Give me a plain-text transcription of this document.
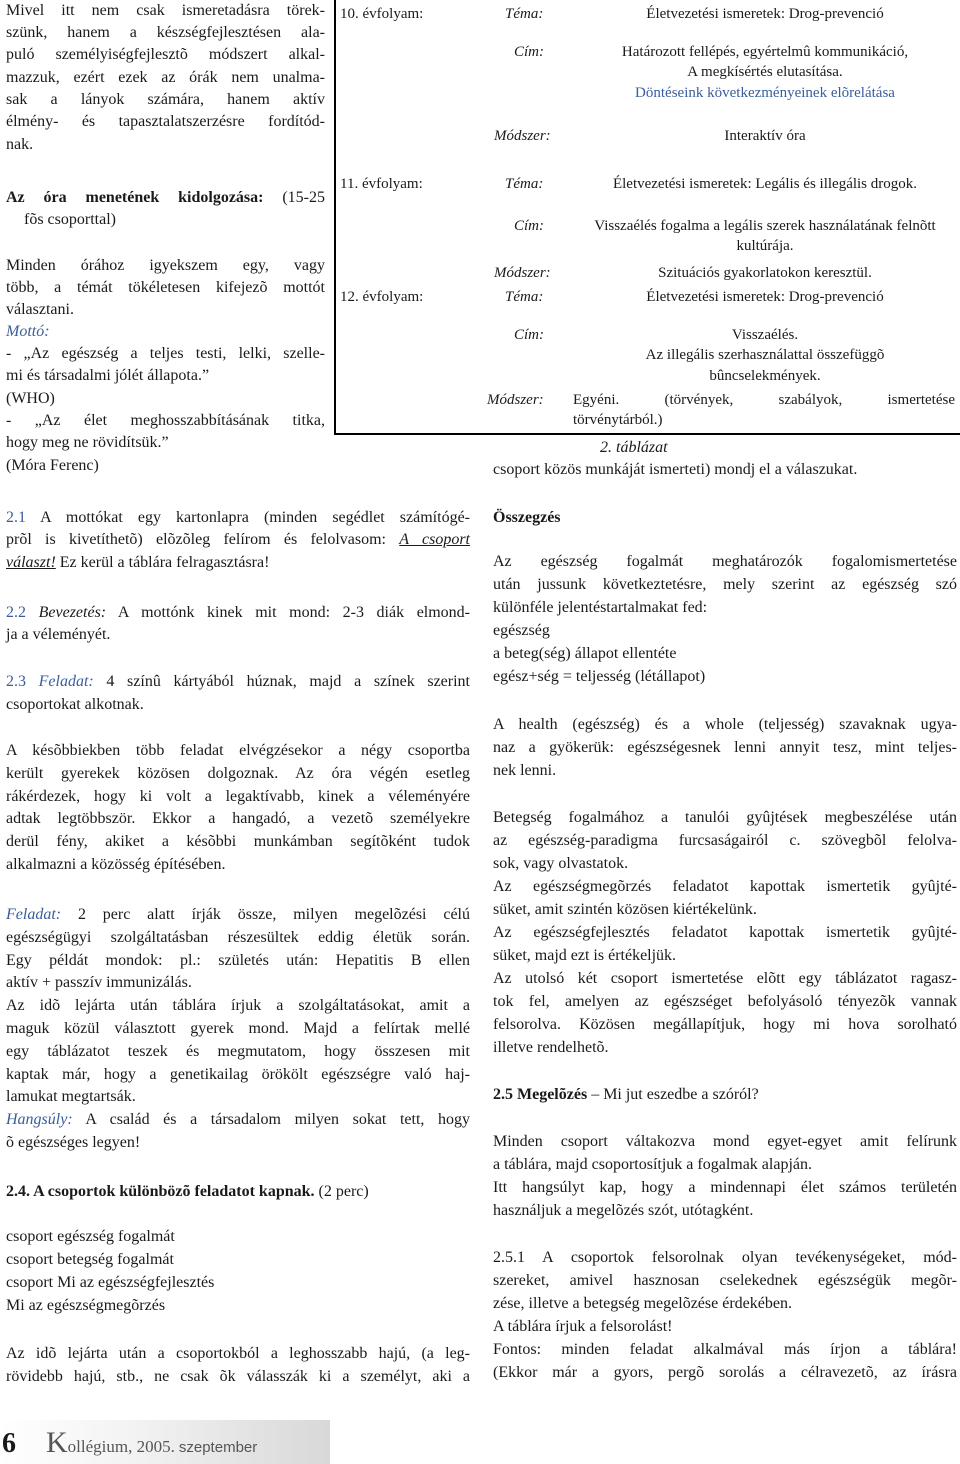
Mivel itt nem csak ismeretadásra törek-
szünk, hanem a készségfejlesztésen ala-
puló személyiségfejlesztõ módszert alkal-
mazzuk, ezért ezek az órák nem unalma-
sak a lányok számára, hanem aktív
élmény- és tapasztalatszerzésre fordítód-
nak.
Az óra menetének kidolgozása: (15-25
fõs csoporttal)
Minden órához igyekszem egy, vagy
több, a témát tökéletesen kifejezõ mottót
választani.
Mottó:
- „Az egészség a teljes testi, lelki, szelle-
mi és társadalmi jólét állapota.”
(WHO)
- „Az élet meghosszabbításának titka,
hogy meg ne rövidítsük.”
(Móra Ferenc)
10. évfolyam:	Téma:	Életvezetési ismeretek: Drog-prevenció
Cím:	Határozott fellépés, egyértelmû kommunikáció,
A megkísértés elutasítása.
Döntéseink következményeinek elõrelátása
Módszer:	Interaktív óra
11. évfolyam:	Téma:	Életvezetési ismeretek: Legális és illegális drogok.
Cím:	Visszaélés fogalma a legális szerek használatának felnõtt
kultúrája.
Módszer:	Szituációs gyakorlatokon keresztül.
12. évfolyam:	Téma:	Életvezetési ismeretek: Drog-prevenció
Cím:	Visszaélés.
Az illegális szerhasználattal összefüggõ
bûncselekmények.
Módszer: Egyéni. (törvények, szabályok, ismertetése
törvénytárból.)
2. táblázat
csoport közös munkáját ismerteti) mondj el a válaszukat.
2.1 A mottókat egy kartonlapra (minden segédlet számítógé-
prõl is kivetíthetõ) elõzõleg felírom és felolvasom: A csoport
választ! Ez kerül a táblára felragasztásra!
2.2 Bevezetés: A mottónk kinek mit mond: 2-3 diák elmond-
ja a véleményét.
2.3 Feladat: 4 színû kártyából húznak, majd a színek szerint
csoportokat alkotnak.
A késõbbiekben több feladat elvégzésekor a négy csoportba
került gyerekek közösen dolgoznak. Az óra végén esetleg
rákérdezek, hogy ki volt a legaktívabb, kinek a véleményére
adtak legtöbbször. Ekkor a hangadó, a vezetõ személyekre
derül fény, akiket a késõbbi munkámban segítõként tudok
alkalmazni a közösség építésében.
Feladat: 2 perc alatt írják össze, milyen megelõzési célú
egészségügyi szolgáltatásban részesültek eddig életük során.
Egy példát mondok: pl.: születés után: Hepatitis B ellen
aktív + passzív immunizálás.
Az idõ lejárta után táblára írjuk a szolgáltatásokat, amit a
maguk közül választott gyerek mond. Majd a felírtak mellé
egy táblázatot teszek és megmutatom, hogy összesen mit
kaptak már, hogy a genetikailag örökölt egészségre való haj-
lamukat megtartsák.
Hangsúly: A család és a társadalom milyen sokat tett, hogy
õ egészséges legyen!
2.4. A csoportok különbözõ feladatot kapnak. (2 perc)
csoport egészség fogalmát
csoport betegség fogalmát
csoport Mi az egészségfejlesztés
Mi az egészségmegõrzés
Az idõ lejárta után a csoportokból a leghosszabb hajú, (a leg-
rövidebb hajú, stb., ne csak õk válasszák ki a személyt, aki a
Összegzés
Az egészség fogalmát meghatározók fogalomismertetése
után jussunk következtetésre, mely szerint az egészség szó
különféle jelentéstartalmakat fed:
egészség
a beteg(ség) állapot ellentéte
egész+ség = teljesség (létállapot)
A health (egészség) és a whole (teljesség) szavaknak ugya-
naz a gyökerük: egészségesnek lenni annyit tesz, mint teljes-
nek lenni.
Betegség fogalmához a tanulói gyûjtések megbeszélése után
az egészség-paradigma furcsaságairól c. szövegbõl felolva-
sok, vagy olvastatok.
Az egészségmegõrzés feladatot kapottak ismertetik gyûjté-
süket, amit szintén közösen kiértékelünk.
Az egészségfejlesztés feladatot kapottak ismertetik gyûjté-
süket, majd ezt is értékeljük.
Az utolsó két csoport ismertetése elõtt egy táblázatot ragasz-
tok fel, amelyen az egészséget befolyásoló tényezõk vannak
felsorolva. Közösen megállapítjuk, hogy mi hova sorolható
illetve rendelhetõ.
2.5 Megelõzés – Mi jut eszedbe a szóról?
Minden csoport váltakozva mond egyet-egyet amit felírunk
a táblára, majd csoportosítjuk a fogalmak alapján.
Itt hangsúlyt kap, hogy a mindennapi élet számos területén
használjuk a megelõzés szót, utótagként.
2.5.1 A csoportok felsorolnak olyan tevékenységeket, mód-
szereket, amivel hasznosan cselekednek egészségük megõr-
zése, illetve a betegség megelõzése érdekében.
A táblára írjuk a felsorolást!
Fontos: minden feladat alkalmával más írjon a táblára!
(Ekkor már a gyors, pergõ sorolás a célravezetõ, az írásra
6 Kollégium, 2005. szeptember
